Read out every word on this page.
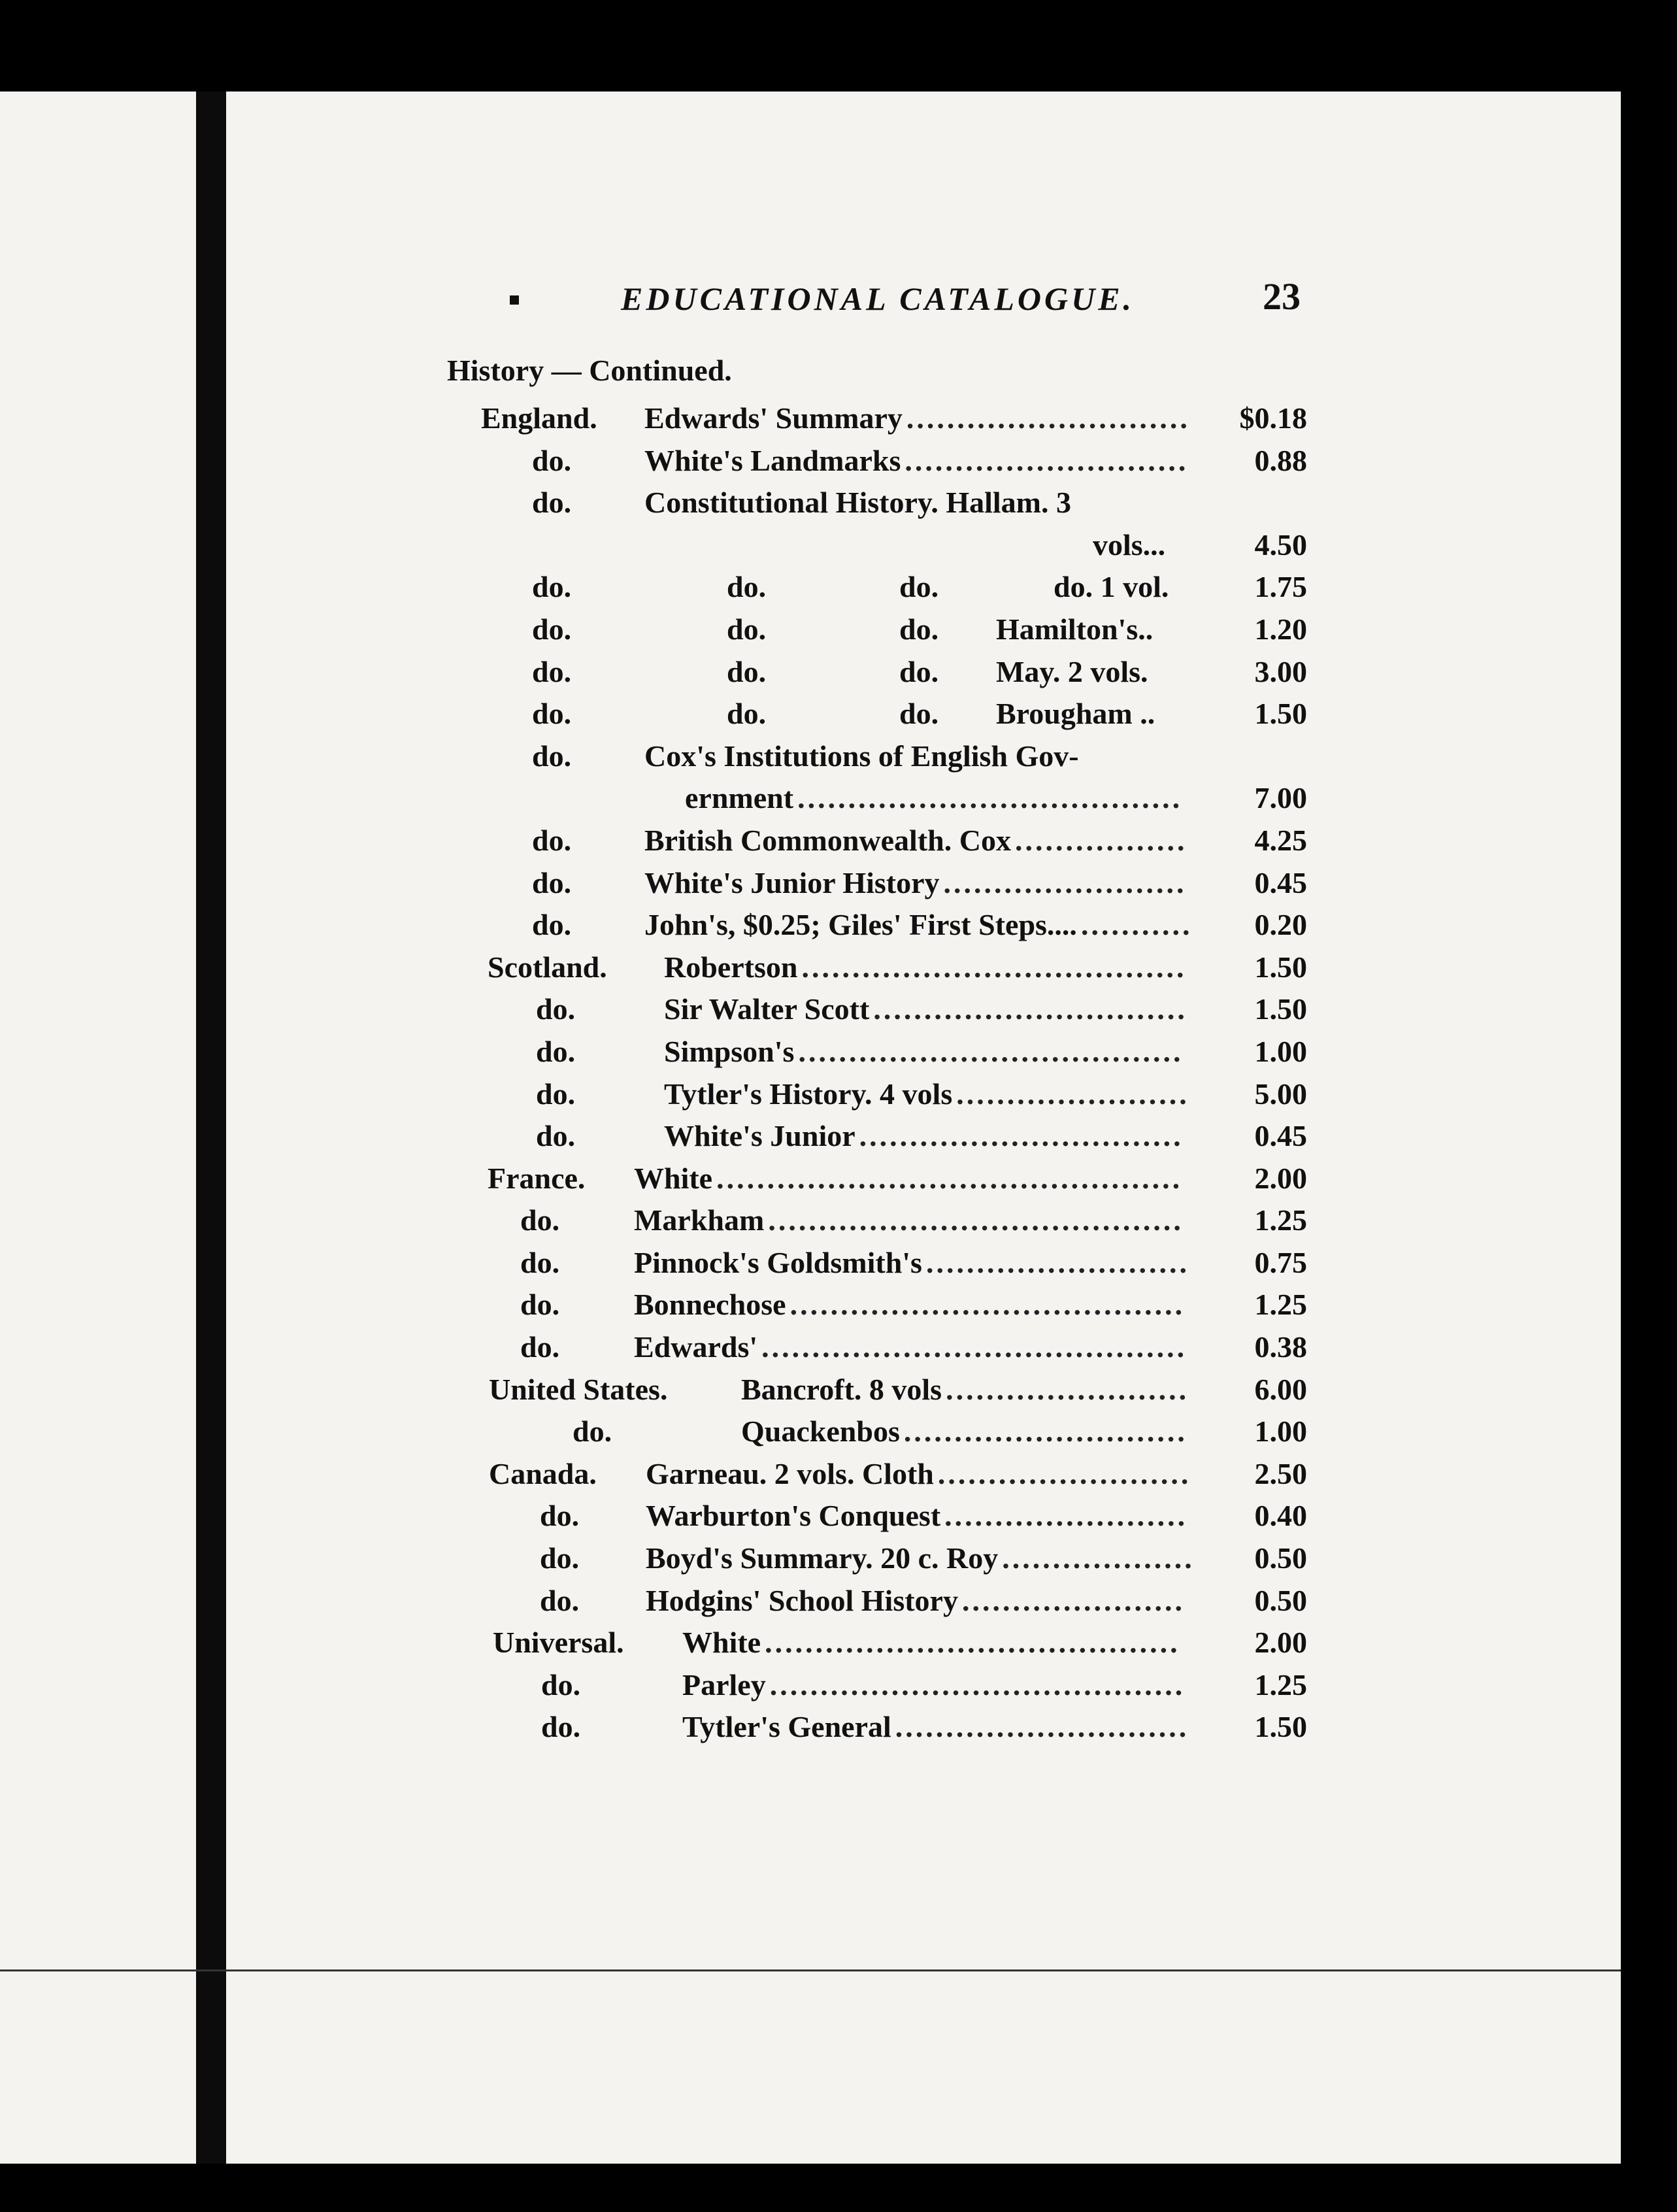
EDUCATIONAL CATALOGUE.	23
History — Continued.
England. Edwards' Summary	$0.18
............................
do. White's Landmarks	0.88
............................
do. Constitutional History. Hallam. 3
vols...	4.50
do.	do.	do.	do. 1 vol.	1.75
do.	do.	do. Hamilton's..	1.20
do.	do.	do. May. 2 vols.	3.00
do.	do.	do. Brougham ..	1.50
do. Cox's Institutions of English Gov-
ernment	7.00
......................................
do. British Commonwealth. Cox	4.25
.................
do. White's Junior History	0.45
........................
do. John's, $0.25; Giles' First Steps....	0.20
...........
Scotland. Robertson	1.50
......................................
do.	Sir Walter Scott	1.50
...............................
do.	Simpson's	1.00
......................................
do.	Tytler's History. 4 vols	5.00
.......................
do.	White's Junior	0.45
................................
France. White	2.00
..............................................
do. Markham	1.25
.........................................
do. Pinnock's Goldsmith's	0.75
..........................
do. Bonnechose	1.25
.......................................
do. Edwards'	0.38
..........................................
United States. Bancroft. 8 vols	6.00
........................
do.	Quackenbos	1.00
............................
Canada. Garneau. 2 vols. Cloth	2.50
.........................
do. Warburton's Conquest	0.40
........................
do. Boyd's Summary. 20 c. Roy	0.50
...................
do. Hodgins' School History	0.50
......................
Universal. White	2.00
.........................................
do.	Parley	1.25
.........................................
do.	Tytler's General	1.50
.............................
